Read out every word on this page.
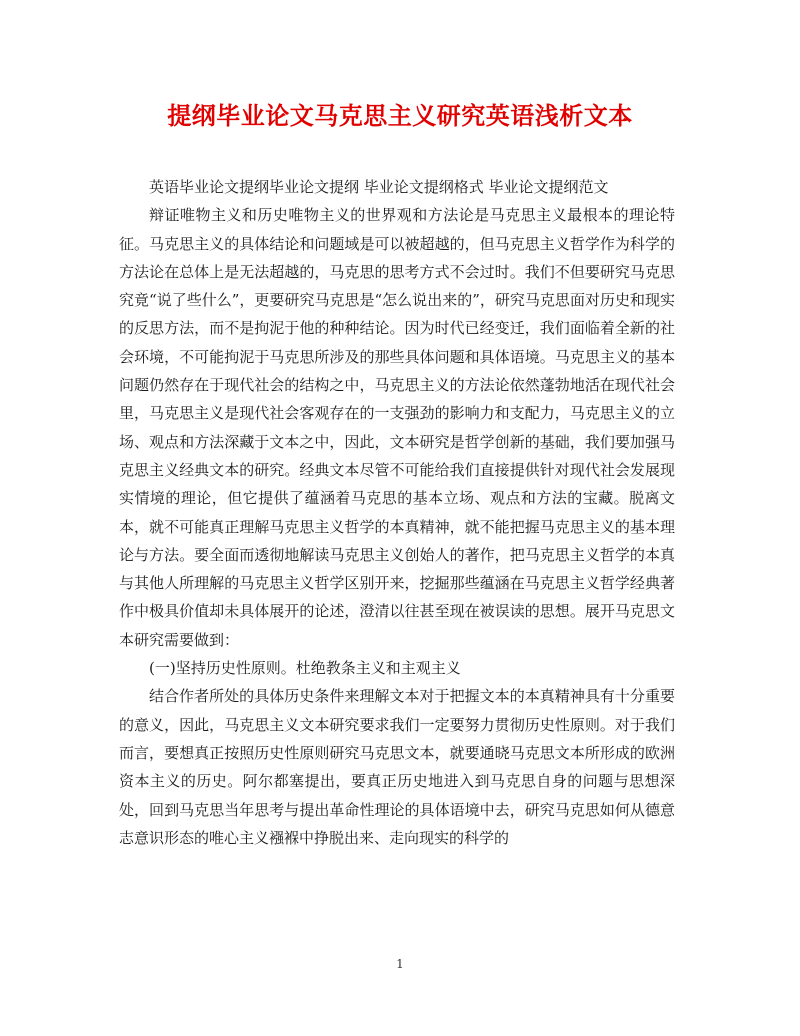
提纲毕业论文马克思主义研究英语浅析文本

英语毕业论文提纲毕业论文提纲 毕业论文提纲格式 毕业论文提纲范文

辩证唯物主义和历史唯物主义的世界观和方法论是马克思主义最根本的理论特征。马克思主义的具体结论和问题域是可以被超越的，但马克思主义哲学作为科学的方法论在总体上是无法超越的，马克思的思考方式不会过时。我们不但要研究马克思究竟“说了些什么”，更要研究马克思是“怎么说出来的”，研究马克思面对历史和现实的反思方法，而不是拘泥于他的种种结论。因为时代已经变迁，我们面临着全新的社会环境，不可能拘泥于马克思所涉及的那些具体问题和具体语境。马克思主义的基本问题仍然存在于现代社会的结构之中，马克思主义的方法论依然蓬勃地活在现代社会里，马克思主义是现代社会客观存在的一支强劲的影响力和支配力，马克思主义的立场、观点和方法深藏于文本之中，因此，文本研究是哲学创新的基础，我们要加强马克思主义经典文本的研究。经典文本尽管不可能给我们直接提供针对现代社会发展现实情境的理论，但它提供了蕴涵着马克思的基本立场、观点和方法的宝藏。脱离文本，就不可能真正理解马克思主义哲学的本真精神，就不能把握马克思主义的基本理论与方法。要全面而透彻地解读马克思主义创始人的著作，把马克思主义哲学的本真与其他人所理解的马克思主义哲学区别开来，挖掘那些蕴涵在马克思主义哲学经典著作中极具价值却未具体展开的论述，澄清以往甚至现在被误读的思想。展开马克思文本研究需要做到：

(一)坚持历史性原则。杜绝教条主义和主观主义

结合作者所处的具体历史条件来理解文本对于把握文本的本真精神具有十分重要的意义，因此，马克思主义文本研究要求我们一定要努力贯彻历史性原则。对于我们而言，要想真正按照历史性原则研究马克思文本，就要通晓马克思文本所形成的欧洲资本主义的历史。阿尔都塞提出，要真正历史地进入到马克思自身的问题与思想深处，回到马克思当年思考与提出革命性理论的具体语境中去，研究马克思如何从德意志意识形态的唯心主义襁褓中挣脱出来、走向现实的科学的

1
